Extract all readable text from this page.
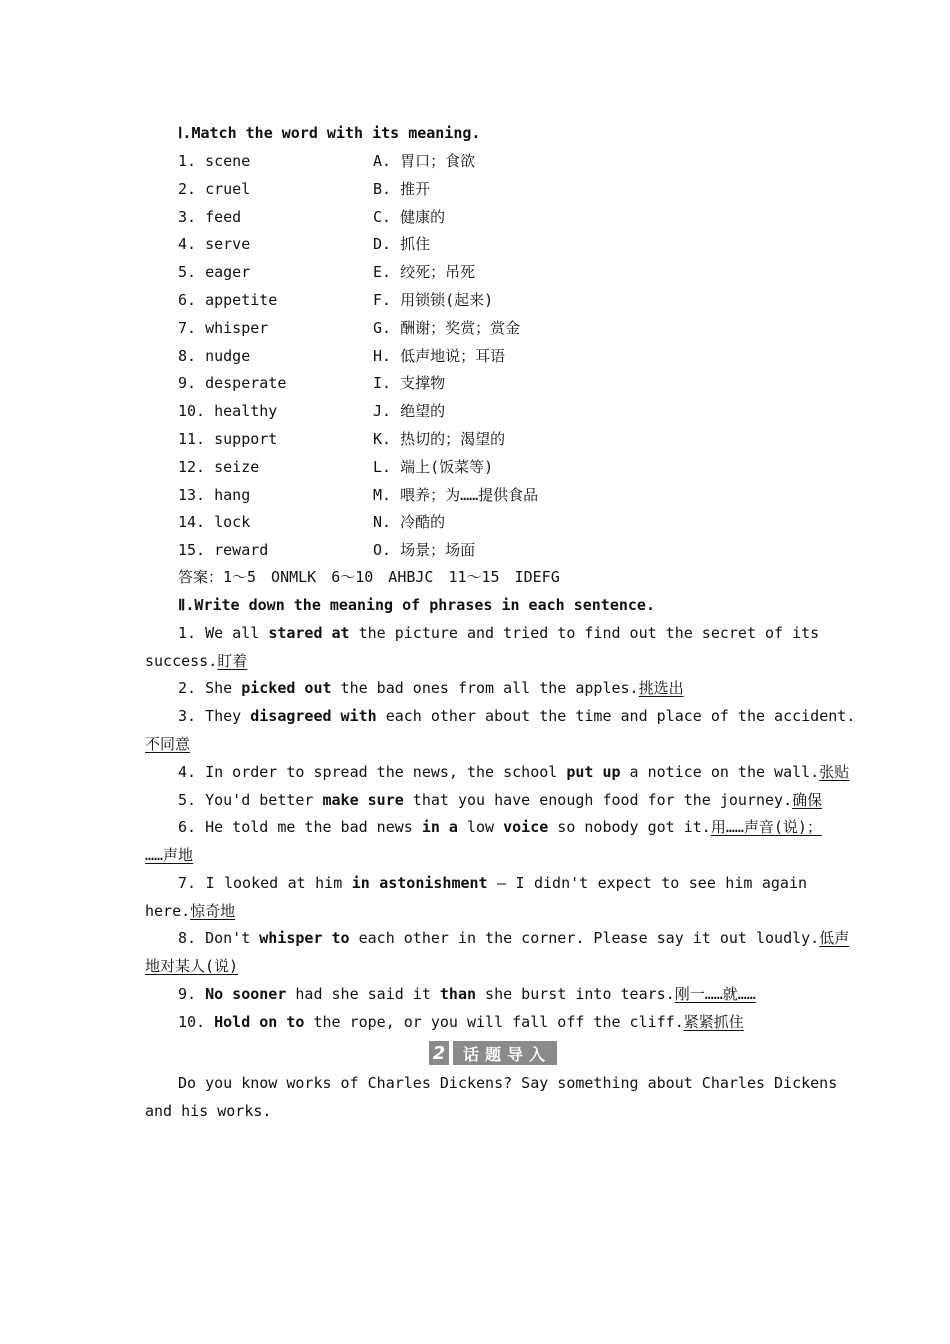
Ⅰ.Match the word with its meaning.
1. scene	A. 胃口；食欲
2. cruel	B. 推开
3. feed	C. 健康的
4. serve	D. 抓住
5. eager	E. 绞死；吊死
6. appetite	F. 用锁锁(起来)
7. whisper	G. 酬谢；奖赏；赏金
8. nudge	H. 低声地说；耳语
9. desperate	I. 支撑物
10. healthy	J. 绝望的
11. support	K. 热切的；渴望的
12. seize	L. 端上(饭菜等)
13. hang	M. 喂养；为……提供食品
14. lock	N. 冷酷的
15. reward	O. 场景；场面
答案：1～5　ONMLK　6～10　AHBJC　11～15　IDEFG
Ⅱ.Write down the meaning of phrases in each sentence.
1. We all stared at the picture and tried to find out the secret of its
success.盯着
2. She picked out the bad ones from all the apples.挑选出
3. They disagreed with each other about the time and place of the accident.
不同意
4. In order to spread the news, the school put up a notice on the wall.张贴
5. You'd better make sure that you have enough food for the journey.确保
6. He told me the bad news in a low voice so nobody got it.用……声音(说)；
……声地
7. I looked at him in astonishment — I didn't expect to see him again
here.惊奇地
8. Don't whisper to each other in the corner. Please say it out loudly.低声
地对某人(说)
9. No sooner had she said it than she burst into tears.刚一……就……
10. Hold on to the rope, or you will fall off the cliff.紧紧抓住
2	话题导入
Do you know works of Charles Dickens? Say something about Charles Dickens
and his works.
